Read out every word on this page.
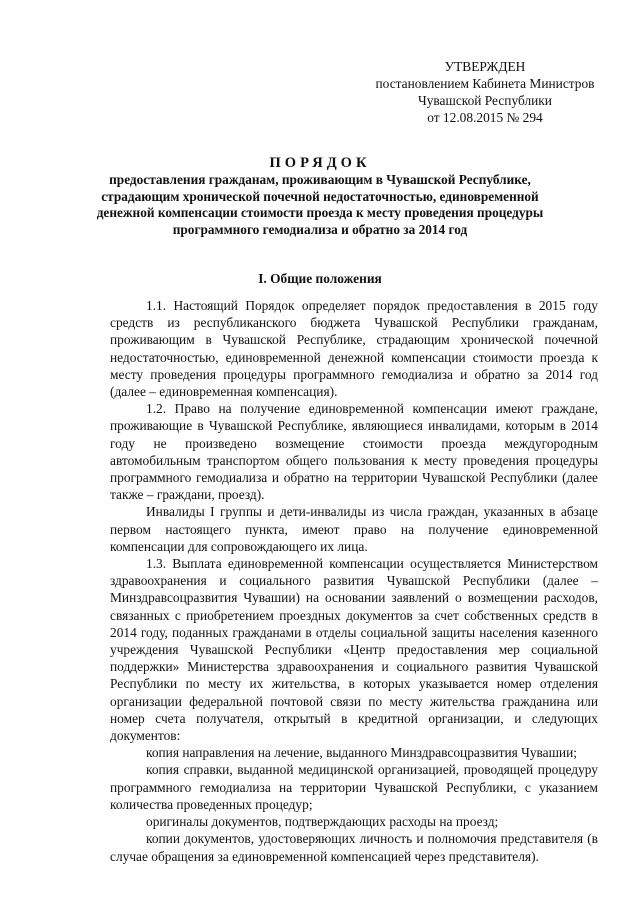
УТВЕРЖДЕН
постановлением Кабинета Министров
Чувашской Республики
от 12.08.2015 № 294
ПОРЯДОК
предоставления гражданам, проживающим в Чувашской Республике,
страдающим хронической почечной недостаточностью, единовременной
денежной компенсации стоимости проезда к месту проведения процедуры
программного гемодиализа и обратно за 2014 год
I. Общие положения

1.1. Настоящий Порядок определяет порядок предоставления в 2015 году средств из республиканского бюджета Чувашской Республики гражданам, проживающим в Чувашской Республике, страдающим хронической почечной недостаточностью, единовременной денежной компенсации стоимости проезда к месту проведения процедуры программного гемодиализа и обратно за 2014 год (далее – единовременная компенсация).

1.2. Право на получение единовременной компенсации имеют граждане, проживающие в Чувашской Республике, являющиеся инвалидами, которым в 2014 году не произведено возмещение стоимости проезда междугородным автомобильным транспортом общего пользования к месту проведения процедуры программного гемодиализа и обратно на территории Чувашской Республики (далее также – граждани, проезд).

Инвалиды I группы и дети-инвалиды из числа граждан, указанных в абзаце первом настоящего пункта, имеют право на получение единовременной компенсации для сопровождающего их лица.

1.3. Выплата единовременной компенсации осуществляется Министерством здравоохранения и социального развития Чувашской Республики (далее – Минздравсоцразвития Чувашии) на основании заявлений о возмещении расходов, связанных с приобретением проездных документов за счет собственных средств в 2014 году, поданных гражданами в отделы социальной защиты населения казенного учреждения Чувашской Республики «Центр предоставления мер социальной поддержки» Министерства здравоохранения и социального развития Чувашской Республики по месту их жительства, в которых указывается номер отделения организации федеральной почтовой связи по месту жительства гражданина или номер счета получателя, открытый в кредитной организации, и следующих документов:

копия направления на лечение, выданного Минздравсоцразвития Чувашии;

копия справки, выданной медицинской организацией, проводящей процедуру программного гемодиализа на территории Чувашской Республики, с указанием количества проведенных процедур;

оригиналы документов, подтверждающих расходы на проезд;

копии документов, удостоверяющих личность и полномочия представителя (в случае обращения за единовременной компенсацией через представителя).
